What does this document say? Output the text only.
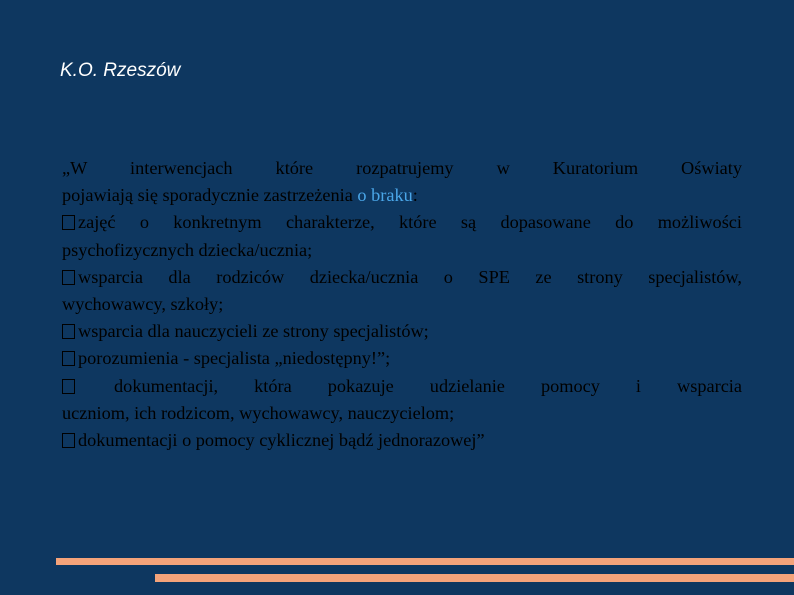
K.O. Rzeszów
„W interwencjach które rozpatrujemy w Kuratorium Oświaty
pojawiają się sporadycznie zastrzeżenia o braku:
zajęć o konkretnym charakterze, które są dopasowane do możliwości
psychofizycznych dziecka/ucznia;
wsparcia dla rodziców dziecka/ucznia o SPE ze strony specjalistów,
wychowawcy, szkoły;
wsparcia dla nauczycieli ze strony specjalistów;
porozumienia - specjalista „niedostępny!”;
dokumentacji, która pokazuje udzielanie pomocy i wsparcia
uczniom, ich rodzicom, wychowawcy, nauczycielom;
dokumentacji o pomocy cyklicznej bądź jednorazowej”
